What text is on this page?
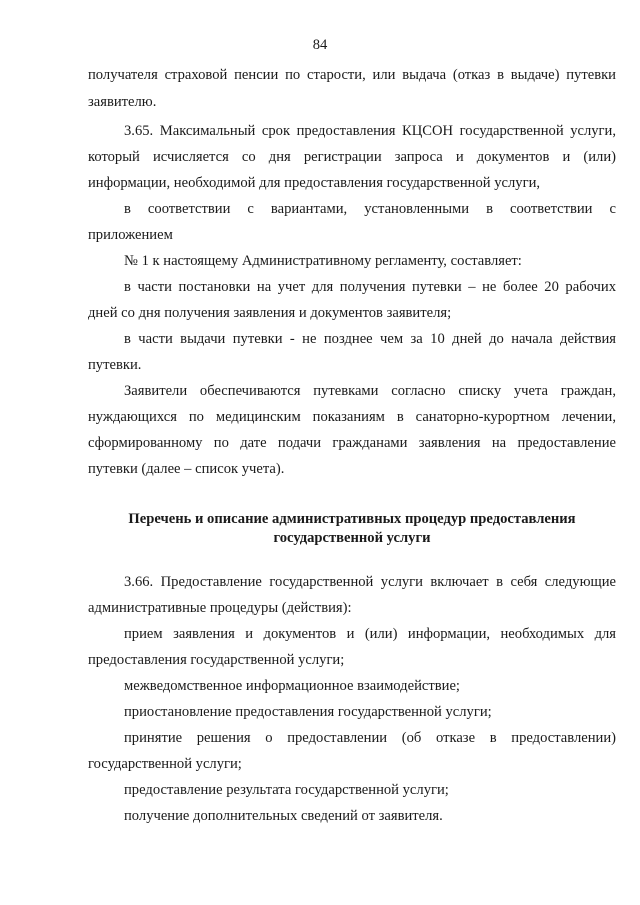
84
получателя страховой пенсии по старости, или выдача (отказ в выдаче) путевки
заявителю.
3.65. Максимальный срок предоставления КЦСОН государственной услуги,
который исчисляется со дня регистрации запроса и документов и (или)
информации, необходимой для предоставления государственной услуги,
в соответствии с вариантами, установленными в соответствии с
приложением
№ 1 к настоящему Административному регламенту, составляет:
в части постановки на учет для получения путевки – не более 20 рабочих
дней со дня получения заявления и документов заявителя;
в части выдачи путевки - не позднее чем за 10 дней до начала действия
путевки.
Заявители обеспечиваются путевками согласно списку учета граждан,
нуждающихся по медицинским показаниям в санаторно-курортном лечении,
сформированному по дате подачи гражданами заявления на предоставление
путевки (далее – список учета).
Перечень и описание административных процедур предоставления
государственной услуги
3.66. Предоставление государственной услуги включает в себя следующие
административные процедуры (действия):
прием заявления и документов и (или) информации, необходимых для
предоставления государственной услуги;
межведомственное информационное взаимодействие;
приостановление предоставления государственной услуги;
принятие решения о предоставлении (об отказе в предоставлении)
государственной услуги;
предоставление результата государственной услуги;
получение дополнительных сведений от заявителя.
